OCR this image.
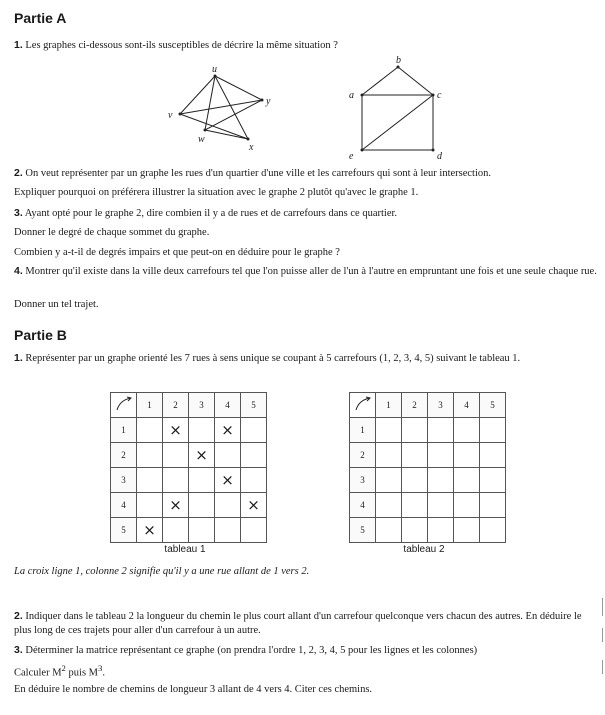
Partie A

1. Les graphes ci-dessous sont-ils susceptibles de décrire la même situation ?

u
v
w
x
y
b
a	c
e	d

2. On veut représenter par un graphe les rues d'un quartier d'une ville et les carrefours qui sont à leur intersection.

Expliquer pourquoi on préférera illustrer la situation avec le graphe 2 plutôt qu'avec le graphe 1.

3. Ayant opté pour le graphe 2, dire combien il y a de rues et de carrefours dans ce quartier.

Donner le degré de chaque sommet du graphe.

Combien y a-t-il de degrés impairs et que peut-on en déduire pour le graphe ?

4. Montrer qu'il existe dans la ville deux carrefours tel que l'on puisse aller de l'un à l'autre en empruntant une fois et une seule chaque rue.

Donner un tel trajet.

Partie B

1. Représenter par un graphe orienté les 7 rues à sens unique se coupant à 5 carrefours (1, 2, 3, 4, 5) suivant le tableau 1.

	1	2	3	4	5
1		×		×	
2			×		
3				×	
4		×			×
5	×				
tableau 1
	1	2	3	4	5
1					
2					
3					
4					
5					
tableau 2

La croix ligne 1, colonne 2 signifie qu'il y a une rue allant de 1 vers 2.

2. Indiquer dans le tableau 2 la longueur du chemin le plus court allant d'un carrefour quelconque vers chacun des autres. En déduire le plus long de ces trajets pour aller d'un carrefour à un autre.

3. Déterminer la matrice représentant ce graphe (on prendra l'ordre 1, 2, 3, 4, 5 pour les lignes et les colonnes)

Calculer $M^2$ puis $M^3$.

En déduire le nombre de chemins de longueur 3 allant de 4 vers 4. Citer ces chemins.
